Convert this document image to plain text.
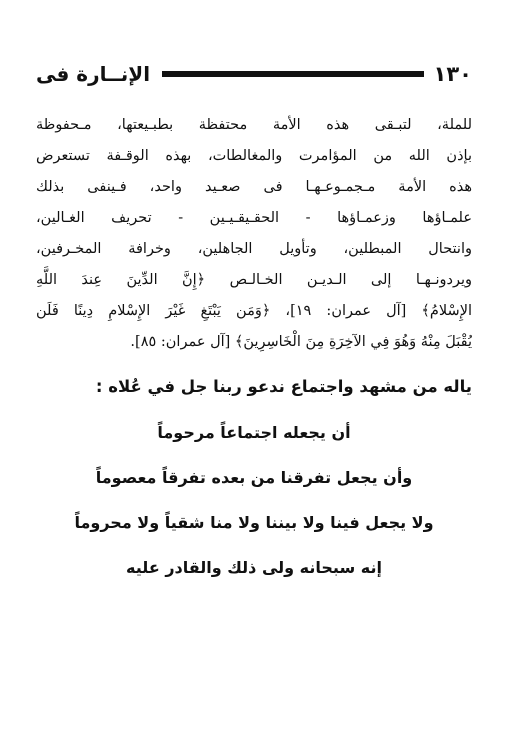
١٣٠
الإنــارة فى
للملة، لتبـقى هذه الأمة محتفظة بطبـيعتها، مـحفوظة
بإذن الله من المؤامرت والمغالطات، بهذه الوقـفة تستعرض
هذه الأمة مـجمـوعـهـا فى صعـيد واحد، فـينفى بذلك
علمـاؤها وزعمـاؤها - الحقـيقـيـين - تحريف الغـالين،
وانتحال المبطلين، وتأويل الجاهلين، وخرافة المخـرفين،
ويردونـهـا إلى الـديـن الخـالـص ﴿إِنَّ الدِّينَ عِندَ اللَّهِ
الإِسْلامُ﴾ [آل عمران: ١٩]، ﴿وَمَن يَبْتَغِ غَيْرَ الإِسْلامِ دِينًا فَلَن
يُقْبَلَ مِنْهُ وَهُوَ فِي الآخِرَةِ مِنَ الْخَاسِرِينَ﴾ [آل عمران: ٨٥].
ياله من مشهد واجتماع ندعو ربنا جل في عُلاه :
أن يجعله اجتماعاً مرحوماً
وأن يجعل تفرقنا من بعده تفرقاً معصوماً
ولا يجعل فينا ولا بيننا ولا منا شقياً ولا محروماً
إنه سبحانه ولى ذلك والقادر عليه
